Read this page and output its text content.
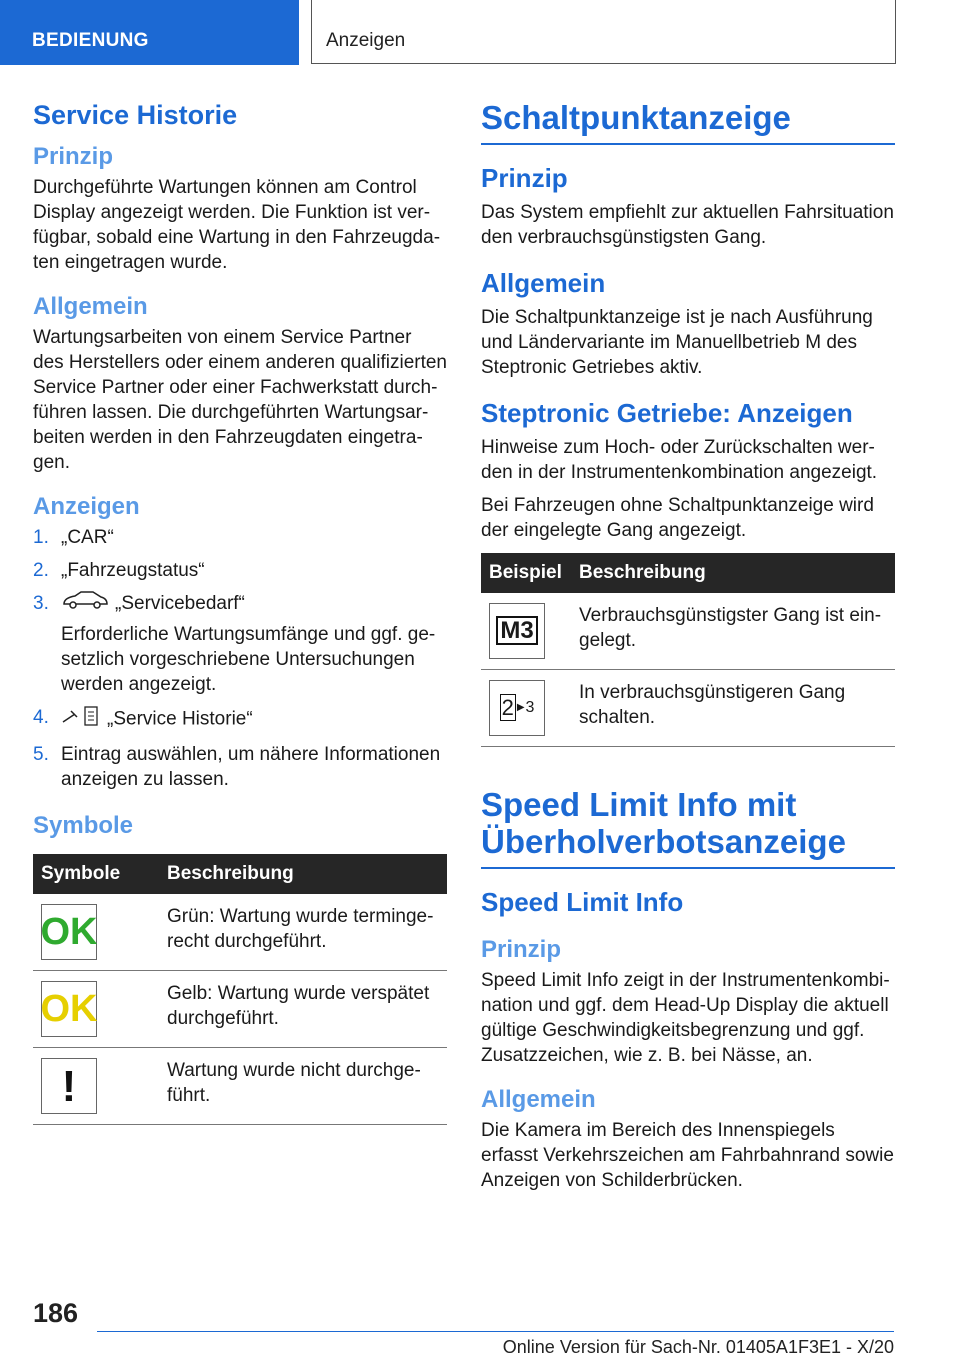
BEDIENUNG	Anzeigen
Service Historie
Prinzip

Durchgeführte Wartungen können am Control Display angezeigt werden. Die Funktion ist verfügbar, sobald eine Wartung in den Fahrzeugdaten eingetragen wurde.

Allgemein

Wartungsarbeiten von einem Service Partner des Herstellers oder einem anderen qualifizierten Service Partner oder einer Fachwerkstatt durchführen lassen. Die durchgeführten Wartungsarbeiten werden in den Fahrzeugdaten eingetragen.

Anzeigen
1. „CAR“
2. „Fahrzeugstatus“
3.	„Servicebedarf“
Erforderliche Wartungsumfänge und ggf. gesetzlich vorgeschriebene Untersuchungen werden angezeigt.
4.	„Service Historie“
5. Eintrag auswählen, um nähere Informationen anzeigen zu lassen.
Symbole
Symbole	Beschreibung

OK	Grün: Wartung wurde termingerecht durchgeführt.

OK	Gelb: Wartung wurde verspätet durchgeführt.

!	Wartung wurde nicht durchgeführt.
Schaltpunktanzeige
Prinzip

Das System empfiehlt zur aktuellen Fahrsituation den verbrauchsgünstigsten Gang.

Allgemein

Die Schaltpunktanzeige ist je nach Ausführung und Ländervariante im Manuellbetrieb M des Steptronic Getriebes aktiv.

Steptronic Getriebe: Anzeigen

Hinweise zum Hoch- oder Zurückschalten werden in der Instrumentenkombination angezeigt.

Bei Fahrzeugen ohne Schaltpunktanzeige wird der eingelegte Gang angezeigt.

Beispiel	Beschreibung

M3	Verbrauchsgünstigster Gang ist eingelegt.

2 ▶ 3	In verbrauchsgünstigeren Gang schalten.
Speed Limit Info mit Überholverbotsanzeige
Speed Limit Info
Prinzip

Speed Limit Info zeigt in der Instrumentenkombination und ggf. dem Head-Up Display die aktuell gültige Geschwindigkeitsbegrenzung und ggf. Zusatzzeichen, wie z. B. bei Nässe, an.

Allgemein

Die Kamera im Bereich des Innenspiegels erfasst Verkehrszeichen am Fahrbahnrand sowie Anzeigen von Schilderbrücken.

186
Online Version für Sach-Nr. 01405A1F3E1 - X/20
